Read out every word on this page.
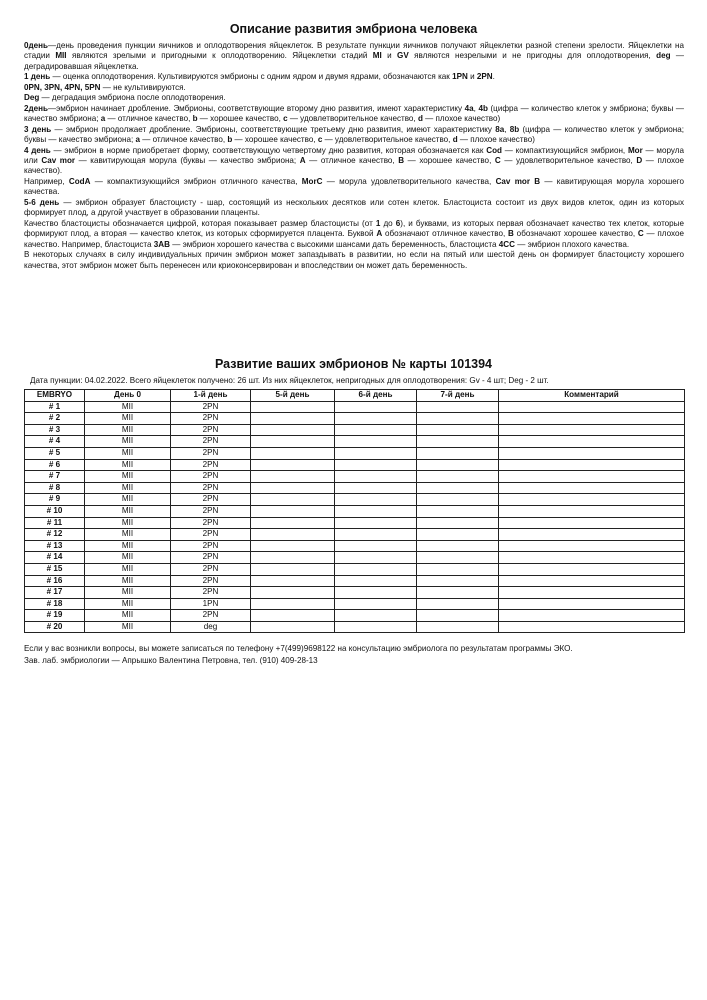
Описание развития эмбриона человека

0день—день проведения пункции яичников и оплодотворения яйцеклеток. В результате пункции яичников получают яйцеклетки разной степени зрелости. Яйцеклетки на стадии MII являются зрелыми и пригодными к оплодотворению. Яйцеклетки стадий MI и GV являются незрелыми и не пригодны для оплодотворения, deg — деградировавшая яйцеклетка.

1 день — оценка оплодотворения. Культивируются эмбрионы с одним ядром и двумя ядрами, обозначаются как 1PN и 2PN.

0PN, 3PN, 4PN, 5PN — не культивируются.

Deg — деградация эмбриона после оплодотворения.

2день—эмбрион начинает дробление. Эмбрионы, соответствующие второму дню развития, имеют характеристику 4a, 4b (цифра — количество клеток у эмбриона; буквы — качество эмбриона; a — отличное качество, b — хорошее качество, c — удовлетворительное качество, d — плохое качество)

3 день — эмбрион продолжает дробление. Эмбрионы, соответствующие третьему дню развития, имеют характеристику 8a, 8b (цифра — количество клеток у эмбриона; буквы — качество эмбриона; a — отличное качество, b — хорошее качество, c — удовлетворительное качество, d — плохое качество)

4 день — эмбрион в норме приобретает форму, соответствующую четвертому дню развития, которая обозначается как Cod — компактизующийся эмбрион, Mor — морула или Cav mor — кавитирующая морула (буквы — качество эмбриона; A — отличное качество, B — хорошее качество, C — удовлетворительное качество, D — плохое качество).

Например, CodA — компактизующийся эмбрион отличного качества, MorC — морула удовлетворительного качества, Cav mor B — кавитирующая морула хорошего качества.

5-6 день — эмбрион образует бластоцисту - шар, состоящий из нескольких десятков или сотен клеток. Бластоциста состоит из двух видов клеток, один из которых формирует плод, а другой участвует в образовании плаценты.

Качество бластоцисты обозначается цифрой, которая показывает размер бластоцисты (от 1 до 6), и буквами, из которых первая обозначает качество тех клеток, которые формируют плод, а вторая — качество клеток, из которых сформируется плацента. Буквой A обозначают отличное качество, B обозначают хорошее качество, C — плохое качество. Например, бластоциста 3AB — эмбрион хорошего качества с высокими шансами дать беременность, бластоциста 4CC — эмбрион плохого качества.

В некоторых случаях в силу индивидуальных причин эмбрион может запаздывать в развитии, но если на пятый или шестой день он формирует бластоцисту хорошего качества, этот эмбрион может быть перенесен или криоконсервирован и впоследствии он может дать беременность.

Развитие ваших эмбрионов № карты 101394
Дата пункции: 04.02.2022. Всего яйцеклеток получено: 26 шт. Из них яйцеклеток, непригодных для оплодотворения: Gv - 4 шт; Deg - 2 шт.
EMBRYO	День 0	1-й день	5-й день	6-й день	7-й день	Комментарий
# 1	MII	2PN				
# 2	MII	2PN				
# 3	MII	2PN				
# 4	MII	2PN				
# 5	MII	2PN				
# 6	MII	2PN				
# 7	MII	2PN				
# 8	MII	2PN				
# 9	MII	2PN				
# 10	MII	2PN				
# 11	MII	2PN				
# 12	MII	2PN				
# 13	MII	2PN				
# 14	MII	2PN				
# 15	MII	2PN				
# 16	MII	2PN				
# 17	MII	2PN				
# 18	MII	1PN				
# 19	MII	2PN				
# 20	MII	deg				
Если у вас возникли вопросы, вы можете записаться по телефону +7(499)9698122 на консультацию эмбриолога по результатам программы ЭКО.
Зав. лаб. эмбриологии — Апрышко Валентина Петровна, тел. (910) 409-28-13
